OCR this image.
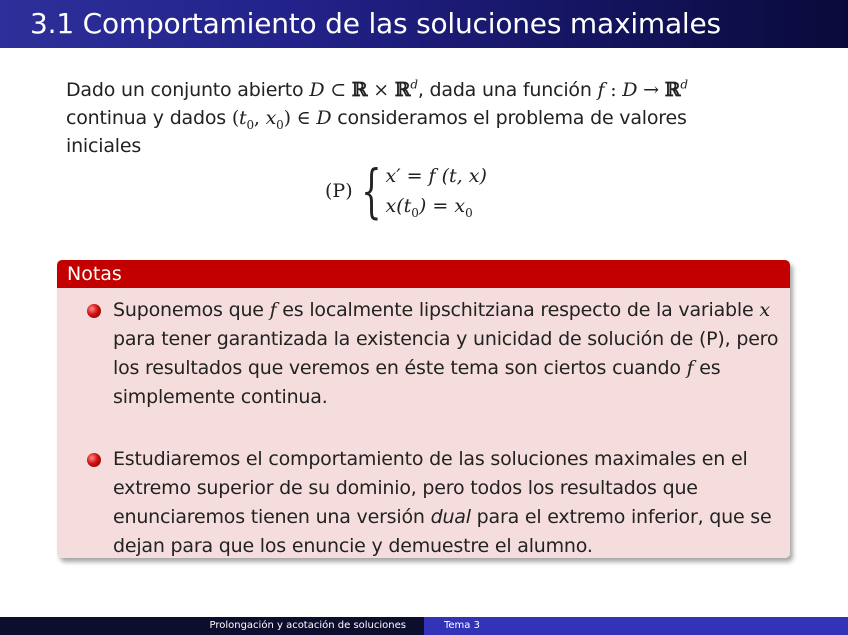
3.1 Comportamiento de las soluciones maximales
Dado un conjunto abierto D ⊂ ℝ × ℝ$^d$, dada una función f : D → ℝ$^d$
continua y dados ($t_0$, $x_0$) ∈ D consideramos el problema de valores iniciales
(P) { x′ = f (t, x)
$x(t_0) = x_0$
Notas

Suponemos que f es localmente lipschitziana respecto de la variable x para tener garantizada la existencia y unicidad de solución de (P), pero los resultados que veremos en éste tema son ciertos cuando f es simplemente continua.

Estudiaremos el comportamiento de las soluciones maximales en el extremo superior de su dominio, pero todos los resultados que enunciaremos tienen una versión dual para el extremo inferior, que se dejan para que los enuncie y demuestre el alumno.

Prolongación y acotación de soluciones	Tema 3
